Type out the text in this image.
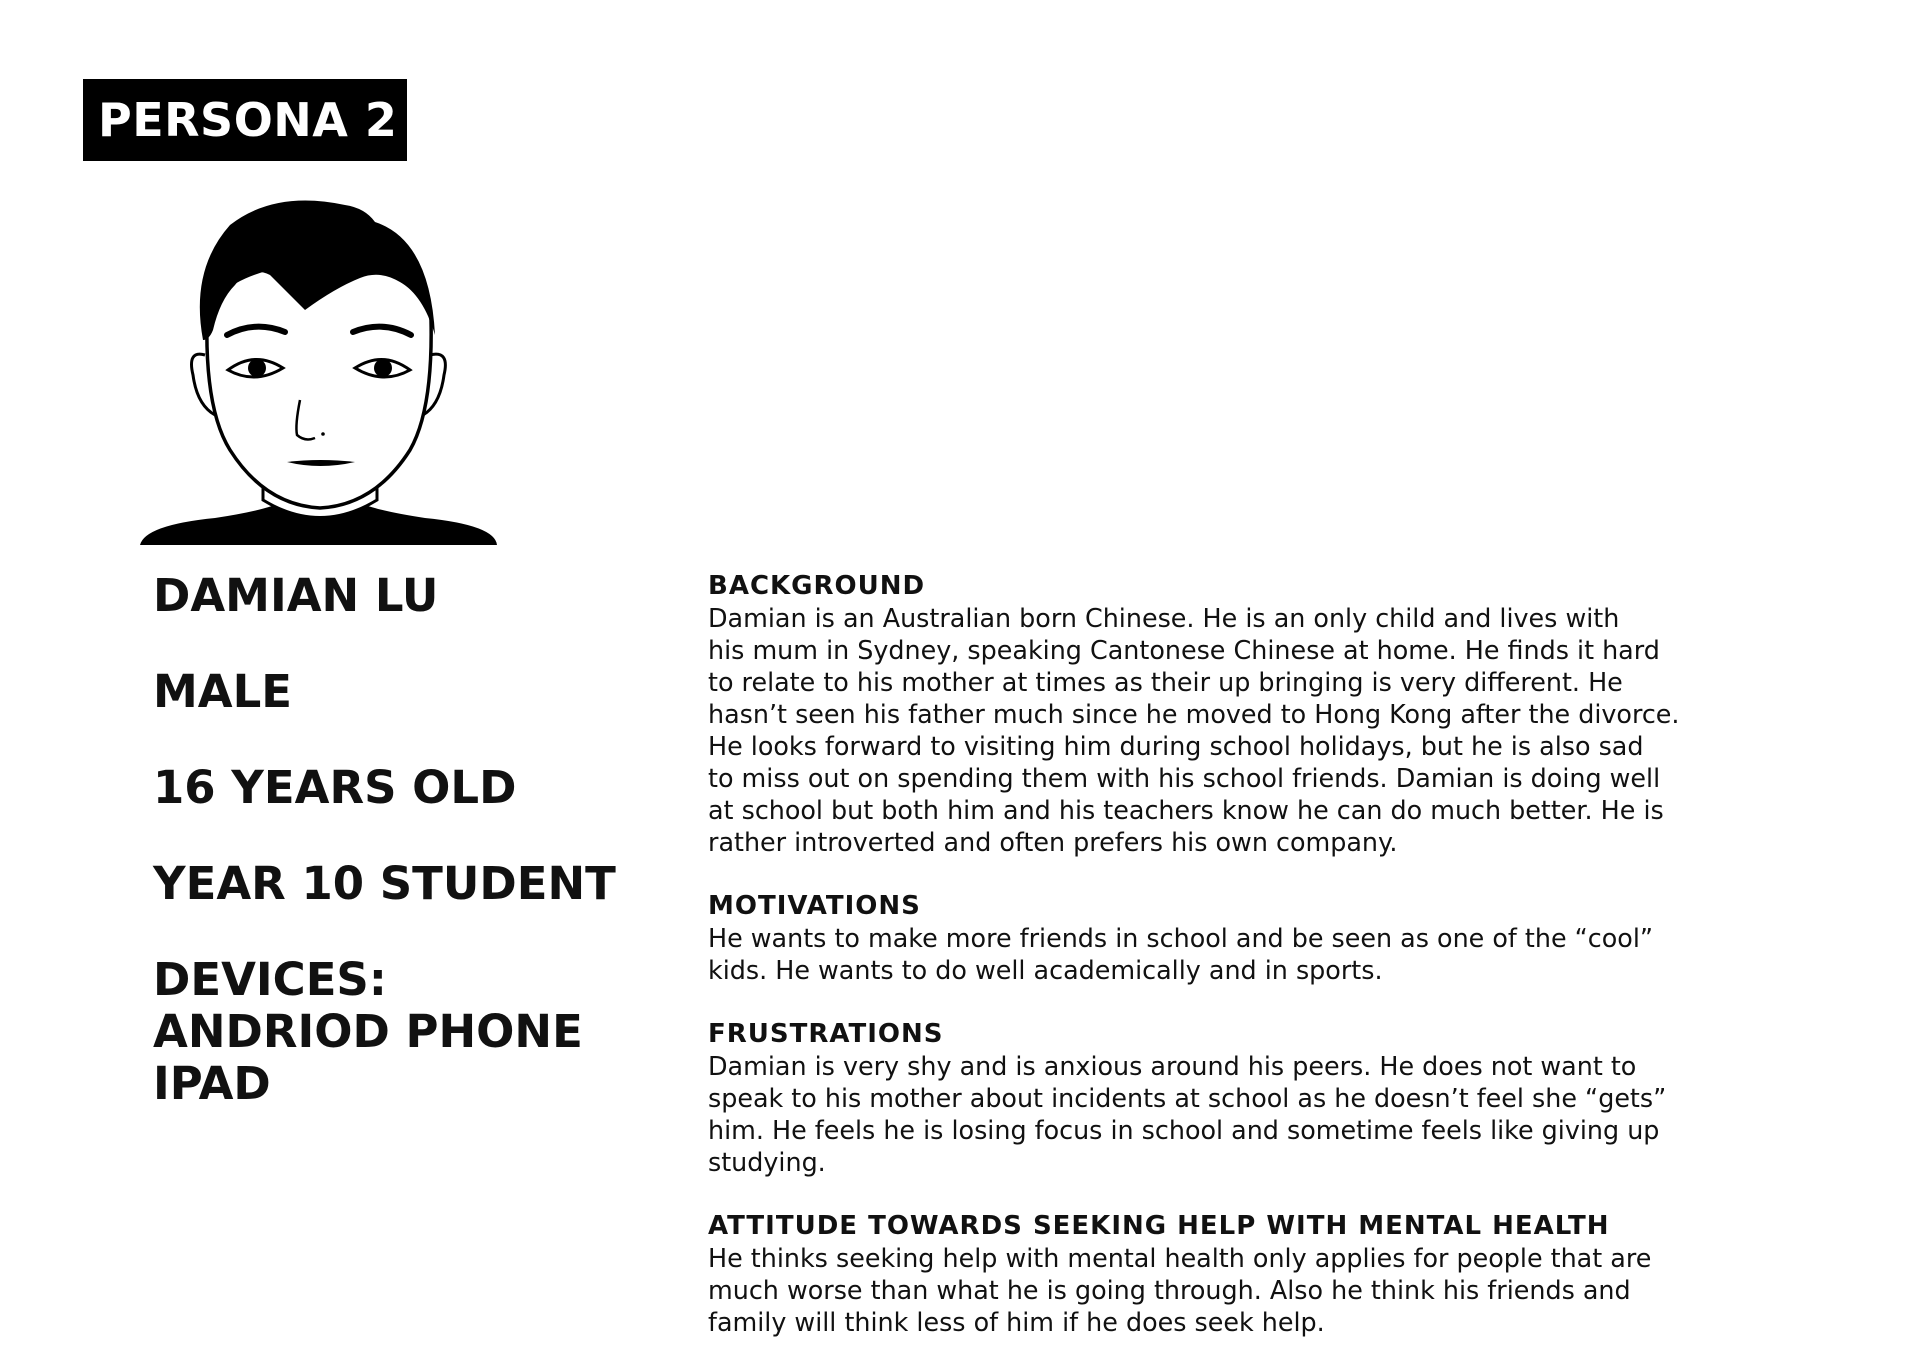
PERSONA 2
DAMIAN LU
MALE
16 YEARS OLD
YEAR 10 STUDENT
DEVICES:
ANDRIOD PHONE
IPAD

BACKGROUND

Damian is an Australian born Chinese. He is an only child and lives with
his mum in Sydney, speaking Cantonese Chinese at home. He finds it hard
to relate to his mother at times as their up bringing is very different. He
hasn’t seen his father much since he moved to Hong Kong after the divorce.
He looks forward to visiting him during school holidays, but he is also sad
to miss out on spending them with his school friends. Damian is doing well
at school but both him and his teachers know he can do much better. He is
rather introverted and often prefers his own company.

MOTIVATIONS

He wants to make more friends in school and be seen as one of the “cool”
kids. He wants to do well academically and in sports.

FRUSTRATIONS

Damian is very shy and is anxious around his peers. He does not want to
speak to his mother about incidents at school as he doesn’t feel she “gets”
him. He feels he is losing focus in school and sometime feels like giving up
studying.

ATTITUDE TOWARDS SEEKING HELP WITH MENTAL HEALTH

He thinks seeking help with mental health only applies for people that are
much worse than what he is going through. Also he think his friends and
family will think less of him if he does seek help.
